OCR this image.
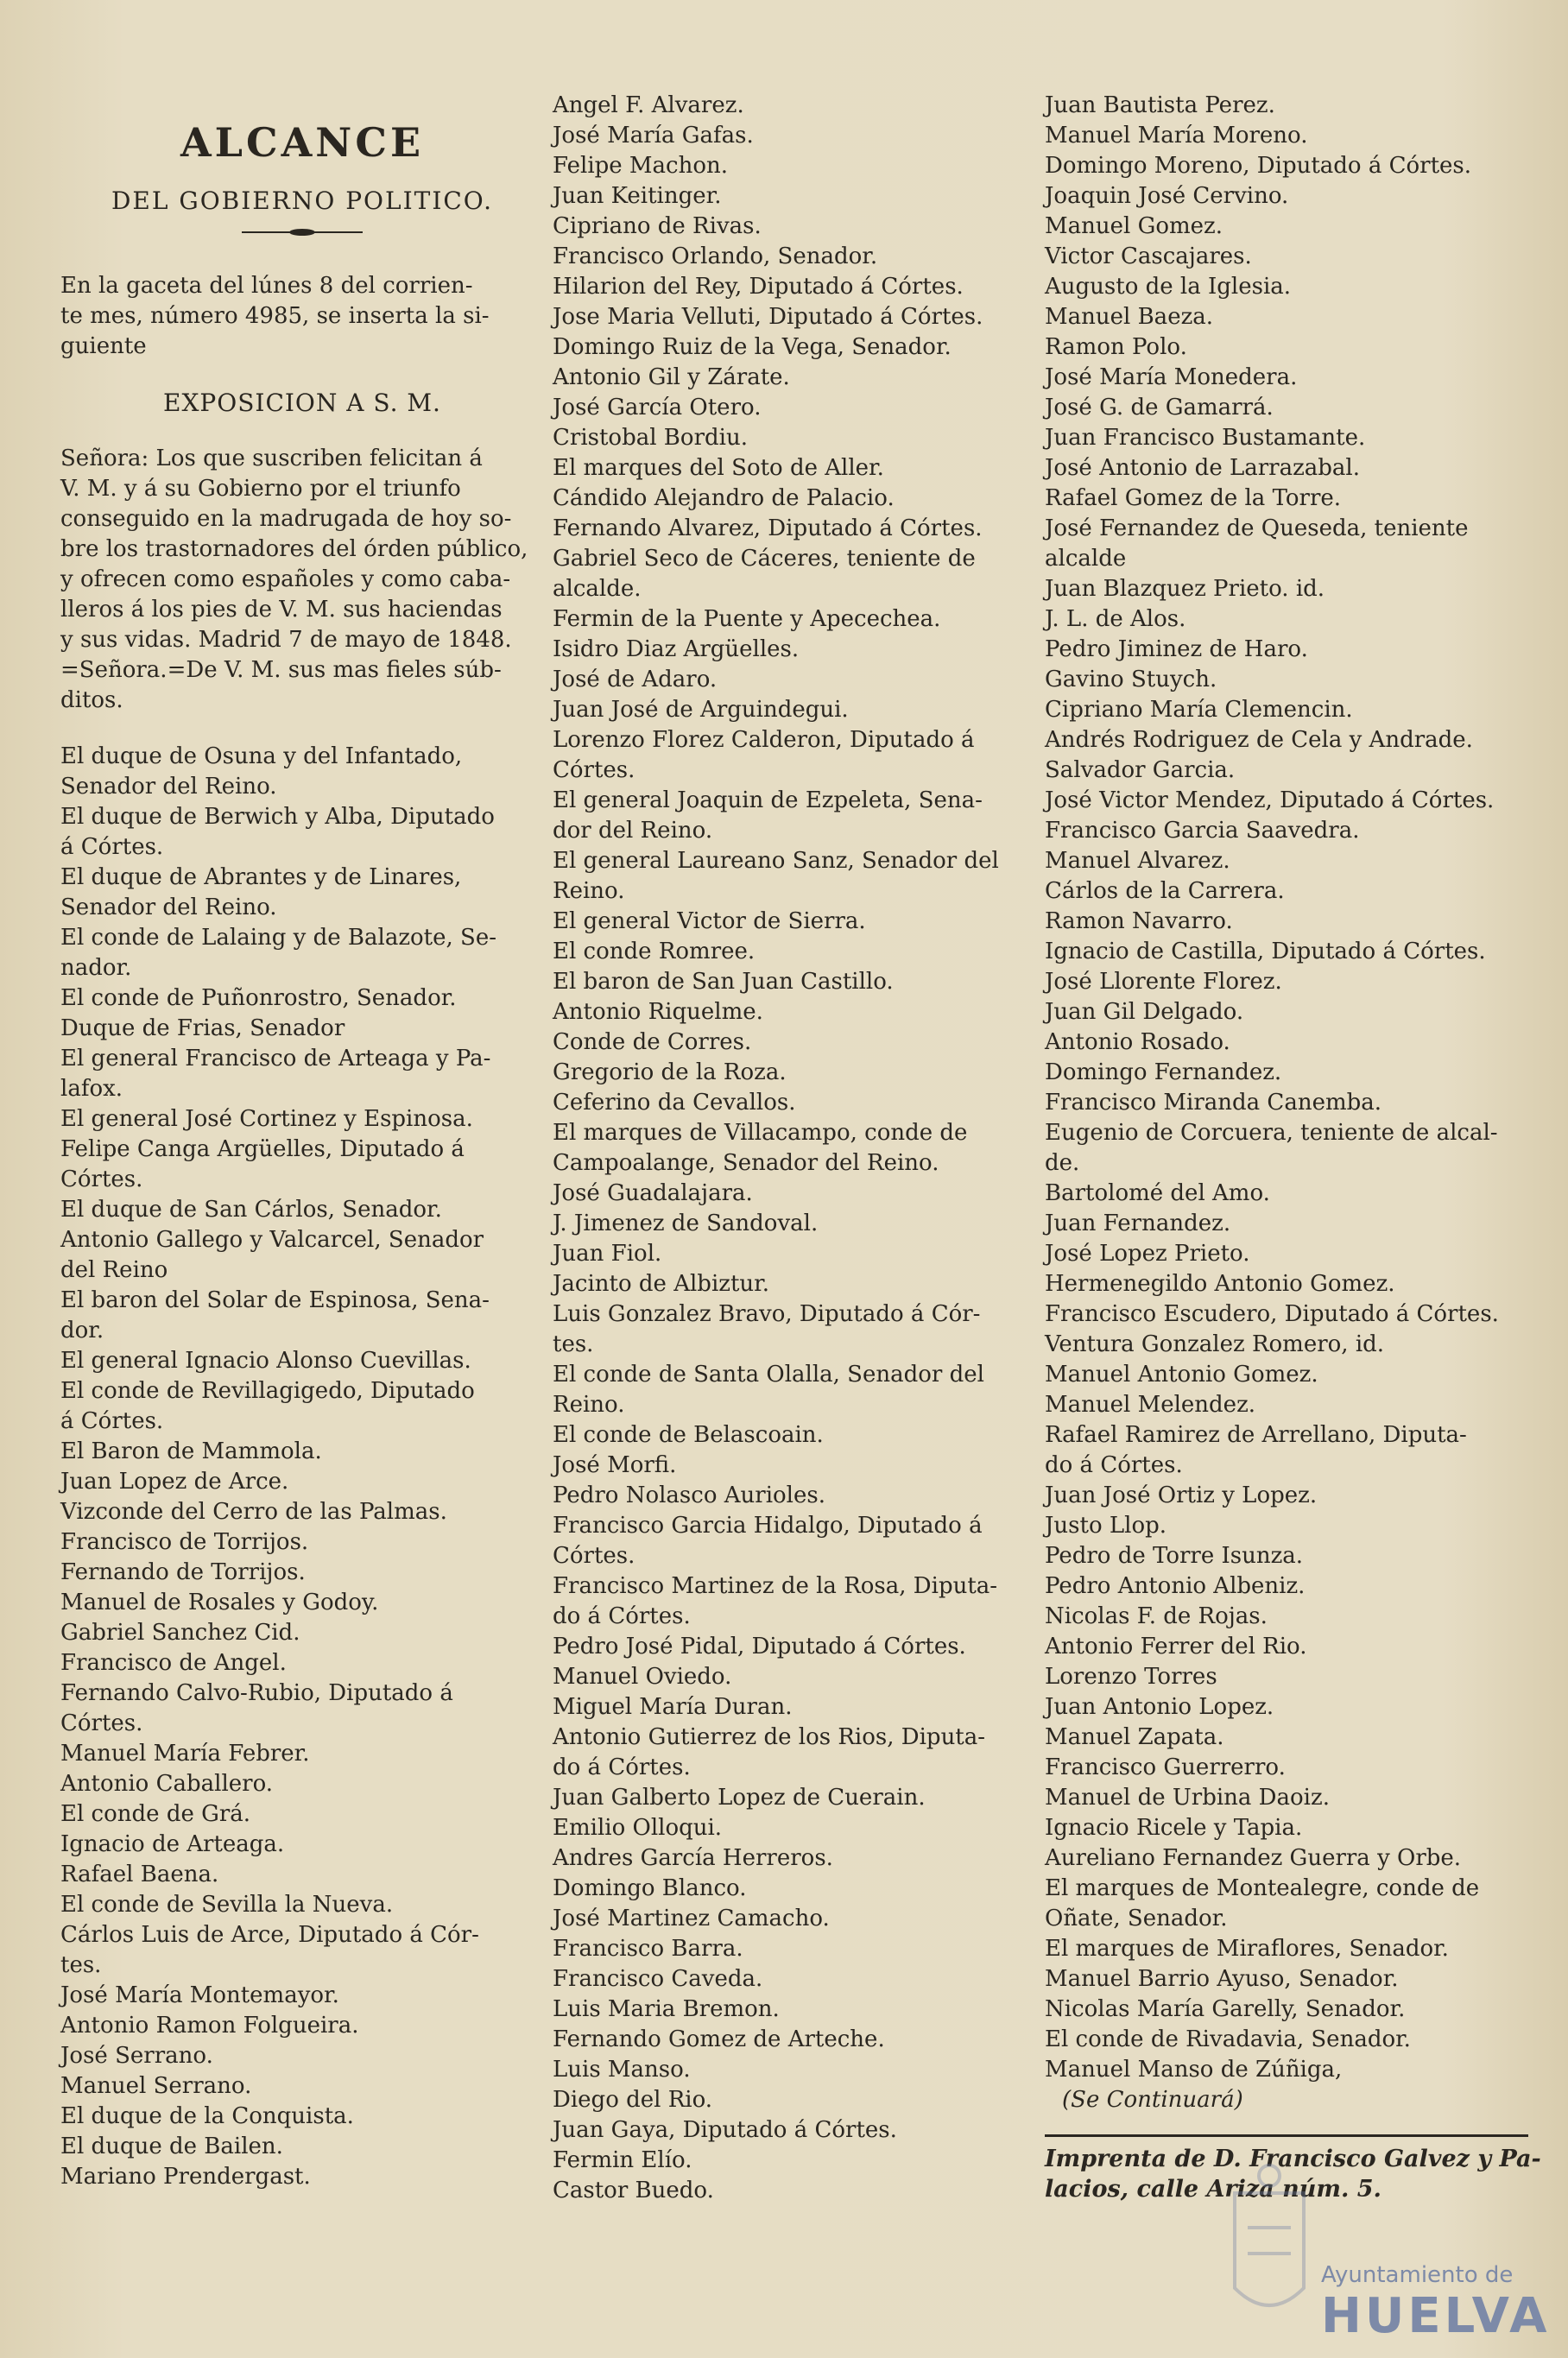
ALCANCE
DEL GOBIERNO POLITICO.
En la gaceta del lúnes 8 del corrien-
te mes, número 4985, se inserta la si-
guiente
EXPOSICION A S. M.
Señora: Los que suscriben felicitan á
V. M. y á su Gobierno por el triunfo
conseguido en la madrugada de hoy so-
bre los trastornadores del órden público,
y ofrecen como españoles y como caba-
lleros á los pies de V. M. sus haciendas
y sus vidas. Madrid 7 de mayo de 1848.
=Señora.=De V. M. sus mas fieles súb-
ditos.
El duque de Osuna y del Infantado,
Senador del Reino.
El duque de Berwich y Alba, Diputado
á Córtes.
El duque de Abrantes y de Linares,
Senador del Reino.
El conde de Lalaing y de Balazote, Se-
nador.
El conde de Puñonrostro, Senador.
Duque de Frias, Senador
El general Francisco de Arteaga y Pa-
lafox.
El general José Cortinez y Espinosa.
Felipe Canga Argüelles, Diputado á
Córtes.
El duque de San Cárlos, Senador.
Antonio Gallego y Valcarcel, Senador
del Reino
El baron del Solar de Espinosa, Sena-
dor.
El general Ignacio Alonso Cuevillas.
El conde de Revillagigedo, Diputado
á Córtes.
El Baron de Mammola.
Juan Lopez de Arce.
Vizconde del Cerro de las Palmas.
Francisco de Torrijos.
Fernando de Torrijos.
Manuel de Rosales y Godoy.
Gabriel Sanchez Cid.
Francisco de Angel.
Fernando Calvo-Rubio, Diputado á
Córtes.
Manuel María Febrer.
Antonio Caballero.
El conde de Grá.
Ignacio de Arteaga.
Rafael Baena.
El conde de Sevilla la Nueva.
Cárlos Luis de Arce, Diputado á Cór-
tes.
José María Montemayor.
Antonio Ramon Folgueira.
José Serrano.
Manuel Serrano.
El duque de la Conquista.
El duque de Bailen.
Mariano Prendergast.
Angel F. Alvarez.
José María Gafas.
Felipe Machon.
Juan Keitinger.
Cipriano de Rivas.
Francisco Orlando, Senador.
Hilarion del Rey, Diputado á Córtes.
Jose Maria Velluti, Diputado á Córtes.
Domingo Ruiz de la Vega, Senador.
Antonio Gil y Zárate.
José García Otero.
Cristobal Bordiu.
El marques del Soto de Aller.
Cándido Alejandro de Palacio.
Fernando Alvarez, Diputado á Córtes.
Gabriel Seco de Cáceres, teniente de
alcalde.
Fermin de la Puente y Apecechea.
Isidro Diaz Argüelles.
José de Adaro.
Juan José de Arguindegui.
Lorenzo Florez Calderon, Diputado á
Córtes.
El general Joaquin de Ezpeleta, Sena-
dor del Reino.
El general Laureano Sanz, Senador del
Reino.
El general Victor de Sierra.
El conde Romree.
El baron de San Juan Castillo.
Antonio Riquelme.
Conde de Corres.
Gregorio de la Roza.
Ceferino da Cevallos.
El marques de Villacampo, conde de
Campoalange, Senador del Reino.
José Guadalajara.
J. Jimenez de Sandoval.
Juan Fiol.
Jacinto de Albiztur.
Luis Gonzalez Bravo, Diputado á Cór-
tes.
El conde de Santa Olalla, Senador del
Reino.
El conde de Belascoain.
José Morfi.
Pedro Nolasco Aurioles.
Francisco Garcia Hidalgo, Diputado á
Córtes.
Francisco Martinez de la Rosa, Diputa-
do á Córtes.
Pedro José Pidal, Diputado á Córtes.
Manuel Oviedo.
Miguel María Duran.
Antonio Gutierrez de los Rios, Diputa-
do á Córtes.
Juan Galberto Lopez de Cuerain.
Emilio Olloqui.
Andres García Herreros.
Domingo Blanco.
José Martinez Camacho.
Francisco Barra.
Francisco Caveda.
Luis Maria Bremon.
Fernando Gomez de Arteche.
Luis Manso.
Diego del Rio.
Juan Gaya, Diputado á Córtes.
Fermin Elío.
Castor Buedo.
Juan Bautista Perez.
Manuel María Moreno.
Domingo Moreno, Diputado á Córtes.
Joaquin José Cervino.
Manuel Gomez.
Victor Cascajares.
Augusto de la Iglesia.
Manuel Baeza.
Ramon Polo.
José María Monedera.
José G. de Gamarrá.
Juan Francisco Bustamante.
José Antonio de Larrazabal.
Rafael Gomez de la Torre.
José Fernandez de Queseda, teniente
alcalde
Juan Blazquez Prieto. id.
J. L. de Alos.
Pedro Jiminez de Haro.
Gavino Stuych.
Cipriano María Clemencin.
Andrés Rodriguez de Cela y Andrade.
Salvador Garcia.
José Victor Mendez, Diputado á Córtes.
Francisco Garcia Saavedra.
Manuel Alvarez.
Cárlos de la Carrera.
Ramon Navarro.
Ignacio de Castilla, Diputado á Córtes.
José Llorente Florez.
Juan Gil Delgado.
Antonio Rosado.
Domingo Fernandez.
Francisco Miranda Canemba.
Eugenio de Corcuera, teniente de alcal-
de.
Bartolomé del Amo.
Juan Fernandez.
José Lopez Prieto.
Hermenegildo Antonio Gomez.
Francisco Escudero, Diputado á Córtes.
Ventura Gonzalez Romero, id.
Manuel Antonio Gomez.
Manuel Melendez.
Rafael Ramirez de Arrellano, Diputa-
do á Córtes.
Juan José Ortiz y Lopez.
Justo Llop.
Pedro de Torre Isunza.
Pedro Antonio Albeniz.
Nicolas F. de Rojas.
Antonio Ferrer del Rio.
Lorenzo Torres
Juan Antonio Lopez.
Manuel Zapata.
Francisco Guerrerro.
Manuel de Urbina Daoiz.
Ignacio Ricele y Tapia.
Aureliano Fernandez Guerra y Orbe.
El marques de Montealegre, conde de
Oñate, Senador.
El marques de Miraflores, Senador.
Manuel Barrio Ayuso, Senador.
Nicolas María Garelly, Senador.
El conde de Rivadavia, Senador.
Manuel Manso de Zúñiga,
(Se Continuará)
Imprenta de D. Francisco Galvez y Pa-
lacios, calle Ariza núm. 5.
Ayuntamiento de
HUELVA
